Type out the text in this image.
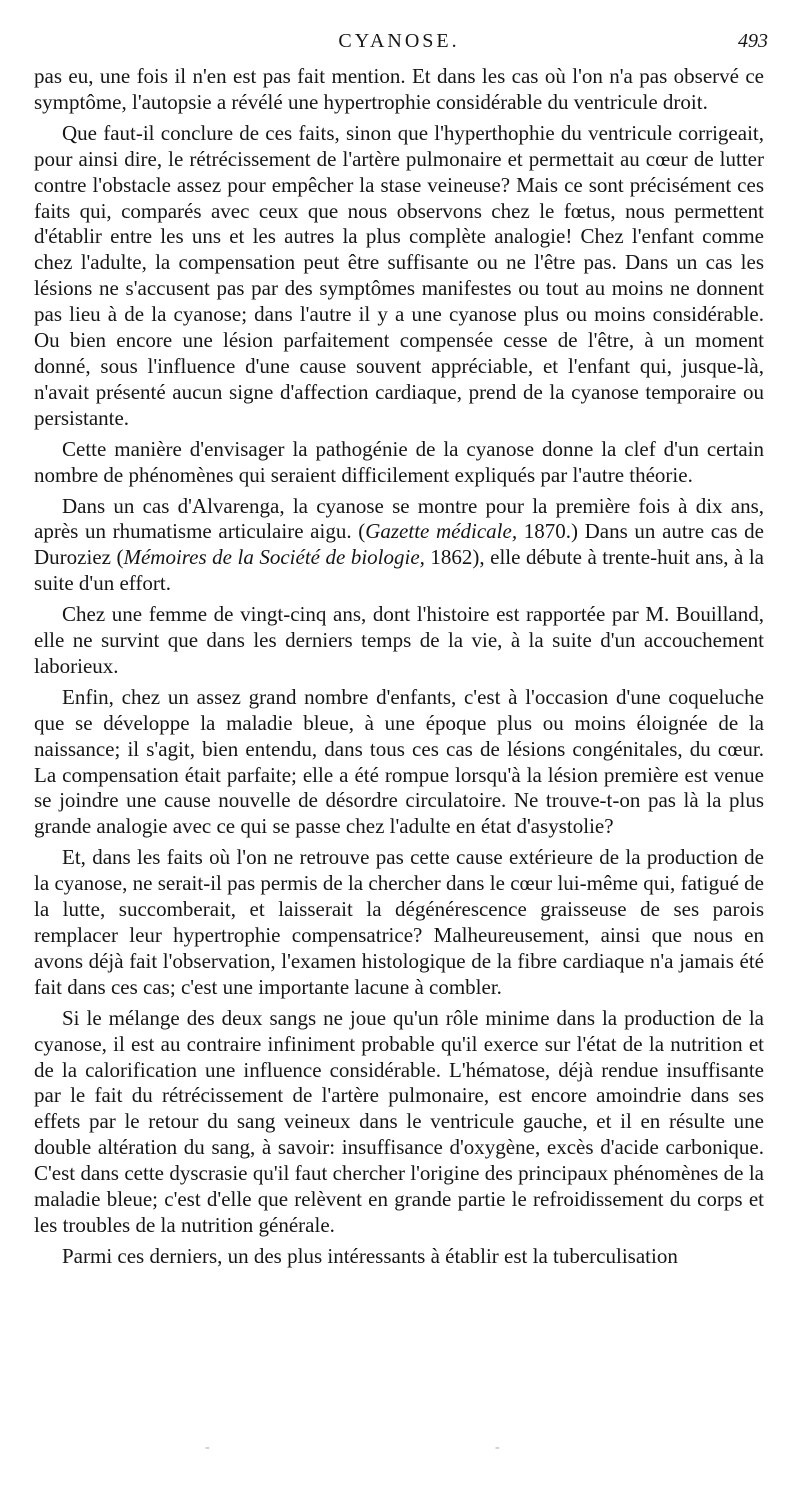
CYANOSE.	493

pas eu, une fois il n'en est pas fait mention. Et dans les cas où l'on n'a pas observé ce symptôme, l'autopsie a révélé une hypertrophie considérable du ventricule droit.

Que faut-il conclure de ces faits, sinon que l'hyperthophie du ventricule corrigeait, pour ainsi dire, le rétrécissement de l'artère pulmonaire et permettait au cœur de lutter contre l'obstacle assez pour empêcher la stase veineuse? Mais ce sont précisément ces faits qui, comparés avec ceux que nous observons chez le fœtus, nous permettent d'établir entre les uns et les autres la plus complète analogie! Chez l'enfant comme chez l'adulte, la compensation peut être suffisante ou ne l'être pas. Dans un cas les lésions ne s'accusent pas par des symptômes manifestes ou tout au moins ne donnent pas lieu à de la cyanose; dans l'autre il y a une cyanose plus ou moins considérable. Ou bien encore une lésion parfaitement compensée cesse de l'être, à un moment donné, sous l'influence d'une cause souvent appréciable, et l'enfant qui, jusque-là, n'avait présenté aucun signe d'affection cardiaque, prend de la cyanose temporaire ou persistante.

Cette manière d'envisager la pathogénie de la cyanose donne la clef d'un certain nombre de phénomènes qui seraient difficilement expliqués par l'autre théorie.

Dans un cas d'Alvarenga, la cyanose se montre pour la première fois à dix ans, après un rhumatisme articulaire aigu. (Gazette médicale, 1870.) Dans un autre cas de Duroziez (Mémoires de la Société de biologie, 1862), elle débute à trente-huit ans, à la suite d'un effort.

Chez une femme de vingt-cinq ans, dont l'histoire est rapportée par M. Bouilland, elle ne survint que dans les derniers temps de la vie, à la suite d'un accouchement laborieux.

Enfin, chez un assez grand nombre d'enfants, c'est à l'occasion d'une coqueluche que se développe la maladie bleue, à une époque plus ou moins éloignée de la naissance; il s'agit, bien entendu, dans tous ces cas de lésions congénitales, du cœur. La compensation était parfaite; elle a été rompue lorsqu'à la lésion première est venue se joindre une cause nouvelle de désordre circulatoire. Ne trouve-t-on pas là la plus grande analogie avec ce qui se passe chez l'adulte en état d'asystolie?

Et, dans les faits où l'on ne retrouve pas cette cause extérieure de la production de la cyanose, ne serait-il pas permis de la chercher dans le cœur lui-même qui, fatigué de la lutte, succomberait, et laisserait la dégénérescence graisseuse de ses parois remplacer leur hypertrophie compensatrice? Malheureusement, ainsi que nous en avons déjà fait l'observation, l'examen histologique de la fibre cardiaque n'a jamais été fait dans ces cas; c'est une importante lacune à combler.

Si le mélange des deux sangs ne joue qu'un rôle minime dans la production de la cyanose, il est au contraire infiniment probable qu'il exerce sur l'état de la nutrition et de la calorification une influence considérable. L'hématose, déjà rendue insuffisante par le fait du rétrécissement de l'artère pulmonaire, est encore amoindrie dans ses effets par le retour du sang veineux dans le ventricule gauche, et il en résulte une double altération du sang, à savoir: insuffisance d'oxygène, excès d'acide carbonique. C'est dans cette dyscrasie qu'il faut chercher l'origine des principaux phénomènes de la maladie bleue; c'est d'elle que relèvent en grande partie le refroidissement du corps et les troubles de la nutrition générale.

Parmi ces derniers, un des plus intéressants à établir est la tuberculisation

-	-
